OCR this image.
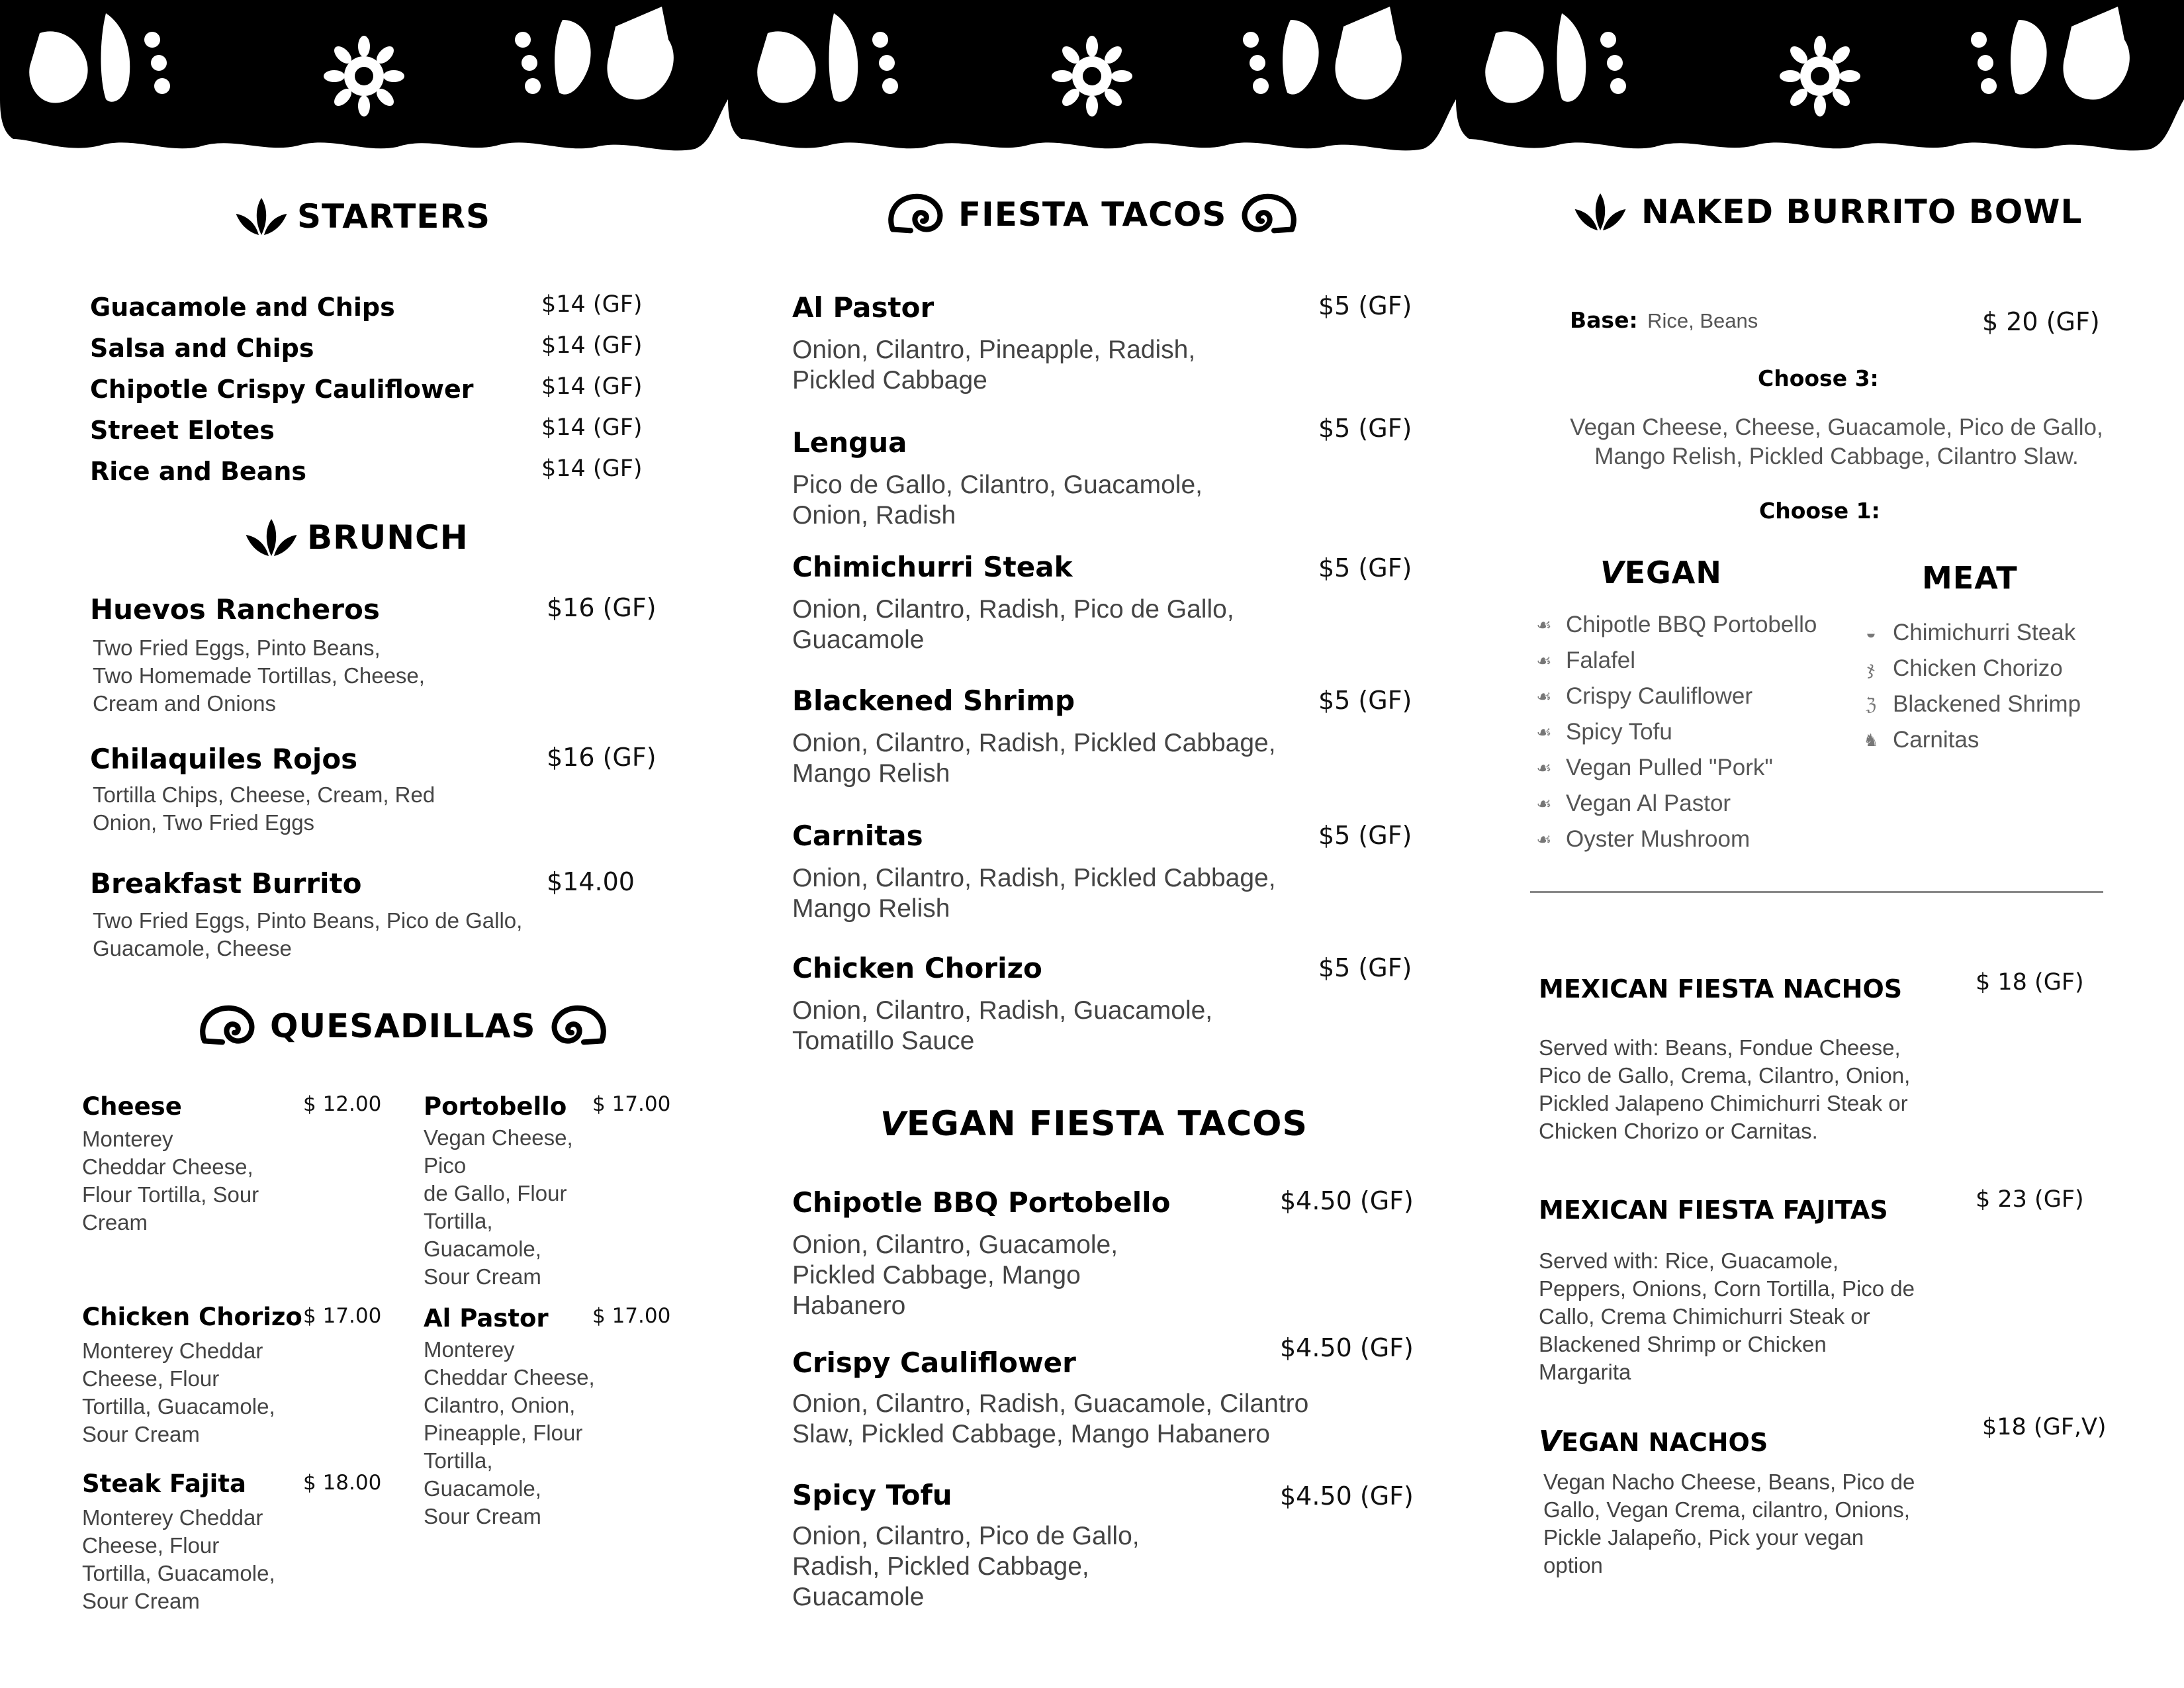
STARTERS
Guacamole and Chips	$14 (GF)
Salsa and Chips	$14 (GF)
Chipotle Crispy Cauliflower	$14 (GF)
Street Elotes	$14 (GF)
Rice and Beans	$14 (GF)
BRUNCH
Huevos Rancheros	$16 (GF)
Two Fried Eggs, Pinto Beans,
Two Homemade Tortillas, Cheese,
Cream and Onions
Chilaquiles Rojos	$16 (GF)
Tortilla Chips, Cheese, Cream, Red
Onion, Two Fried Eggs
Breakfast Burrito	$14.00
Two Fried Eggs, Pinto Beans, Pico de Gallo,
Guacamole, Cheese
QUESADILLAS
Cheese	$ 12.00
Monterey
Cheddar Cheese,
Flour Tortilla, Sour
Cream
Portobello $ 17.00
Vegan Cheese,
Pico
de Gallo, Flour
Tortilla,
Guacamole,
Sour Cream
Chicken Chorizo $ 17.00
Monterey Cheddar
Cheese, Flour
Tortilla, Guacamole,
Sour Cream
Al Pastor $ 17.00
Monterey
Cheddar Cheese,
Cilantro, Onion,
Pineapple, Flour
Tortilla,
Guacamole,
Sour Cream
Steak Fajita	$ 18.00
Monterey Cheddar
Cheese, Flour
Tortilla, Guacamole,
Sour Cream
FIESTA TACOS
Al Pastor	$5 (GF)
Onion, Cilantro, Pineapple, Radish,
Pickled Cabbage
Lengua	$5 (GF)
Pico de Gallo, Cilantro, Guacamole,
Onion, Radish
Chimichurri Steak	$5 (GF)
Onion, Cilantro, Radish, Pico de Gallo,
Guacamole
Blackened Shrimp	$5 (GF)
Onion, Cilantro, Radish, Pickled Cabbage,
Mango Relish
Carnitas	$5 (GF)
Onion, Cilantro, Radish, Pickled Cabbage,
Mango Relish
Chicken Chorizo	$5 (GF)
Onion, Cilantro, Radish, Guacamole,
Tomatillo Sauce
V EGAN FIESTA TACOS
Chipotle BBQ Portobello	$4.50 (GF)
Onion, Cilantro, Guacamole,
Pickled Cabbage, Mango
Habanero
Crispy Cauliflower	$4.50 (GF)
Onion, Cilantro, Radish, Guacamole, Cilantro
Slaw, Pickled Cabbage, Mango Habanero
Spicy Tofu	$4.50 (GF)
Onion, Cilantro, Pico de Gallo,
Radish, Pickled Cabbage,
Guacamole
NAKED BURRITO BOWL
Base: Rice, Beans	$ 20 (GF)
Choose 3:
Vegan Cheese, Cheese, Guacamole, Pico de Gallo,
Mango Relish, Pickled Cabbage, Cilantro Slaw.
Choose 1:
V EGAN	MEAT
☙ Chipotle BBQ Portobello
☙ Falafel
☙ Crispy Cauliflower
☙ Spicy Tofu
☙ Vegan Pulled "Pork"
☙ Vegan Al Pastor
☙ Oyster Mushroom
◒ Chimichurri Steak
ჯ Chicken Chorizo
ℨ Blackened Shrimp
♞ Carnitas
MEXICAN FIESTA NACHOS	$ 18 (GF)
Served with: Beans, Fondue Cheese,
Pico de Gallo, Crema, Cilantro, Onion,
Pickled Jalapeno Chimichurri Steak or
Chicken Chorizo or Carnitas.
MEXICAN FIESTA FAJITAS	$ 23 (GF)
Served with: Rice, Guacamole,
Peppers, Onions, Corn Tortilla, Pico de
Callo, Crema Chimichurri Steak or
Blackened Shrimp or Chicken
Margarita
VEGAN NACHOS
$18 (GF,V)
Vegan Nacho Cheese, Beans, Pico de
Gallo, Vegan Crema, cilantro, Onions,
Pickle Jalapeño, Pick your vegan
option
